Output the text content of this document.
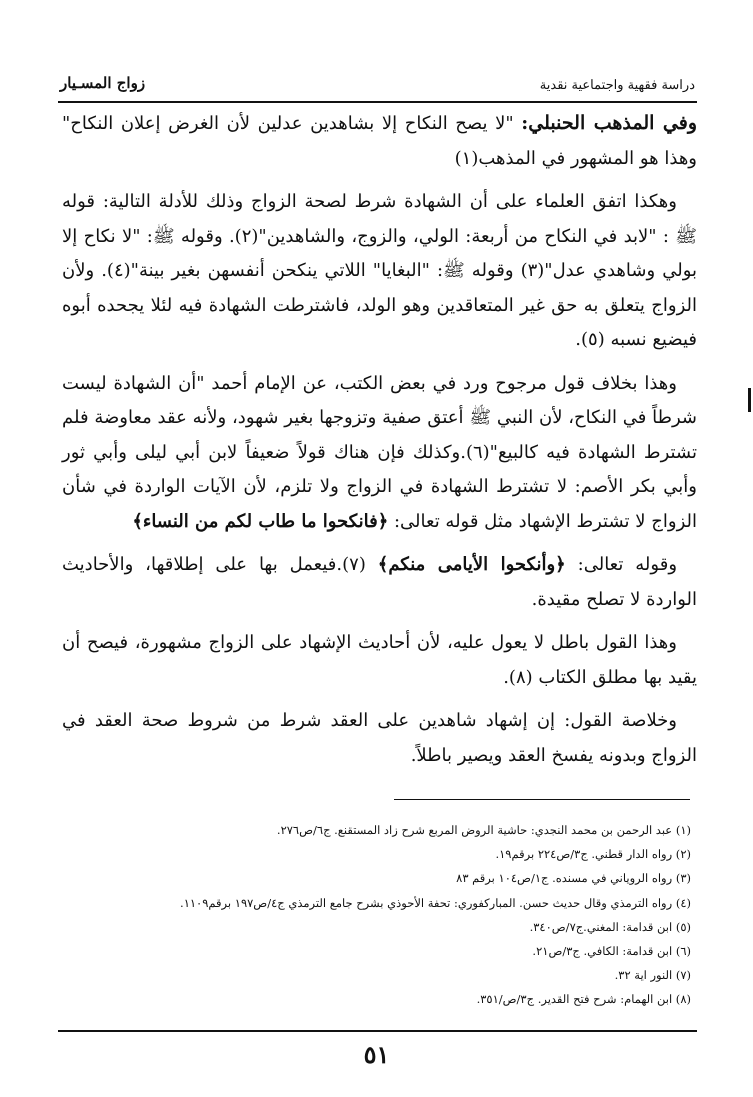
دراسة فقهية واجتماعية نقدية
زواج المسـيار

وفي المذهب الحنبلي: "لا يصح النكاح إلا بشاهدين عدلين لأن الغرض إعلان النكاح" وهذا هو المشهور في المذهب(١)

وهكذا اتفق العلماء على أن الشهادة شرط لصحة الزواج وذلك للأدلة التالية: قوله ﷺ : "لابد في النكاح من أربعة: الولي، والزوج، والشاهدين"(٢). وقوله ﷺ: "لا نكاح إلا بولي وشاهدي عدل"(٣) وقوله ﷺ: "البغايا" اللاتي ينكحن أنفسهن بغير بينة"(٤). ولأن الزواج يتعلق به حق غير المتعاقدين وهو الولد، فاشترطت الشهادة فيه لئلا يجحده أبوه فيضيع نسبه (٥).

وهذا بخلاف قول مرجوح ورد في بعض الكتب، عن الإمام أحمد "أن الشهادة ليست شرطاً في النكاح، لأن النبي ﷺ أعتق صفية وتزوجها بغير شهود، ولأنه عقد معاوضة فلم تشترط الشهادة فيه كالبيع"(٦).وكذلك فإن هناك قولاً ضعيفاً لابن أبي ليلى وأبي ثور وأبي بكر الأصم: لا تشترط الشهادة في الزواج ولا تلزم، لأن الآيات الواردة في شأن الزواج لا تشترط الإشهاد مثل قوله تعالى: ﴿فانكحوا ما طاب لكم من النساء﴾

وقوله تعالى: ﴿وأنكحوا الأيامى منكم﴾ (٧).فيعمل بها على إطلاقها، والأحاديث الواردة لا تصلح مقيدة.

وهذا القول باطل لا يعول عليه، لأن أحاديث الإشهاد على الزواج مشهورة، فيصح أن يقيد بها مطلق الكتاب (٨).

وخلاصة القول: إن إشهاد شاهدين على العقد شرط من شروط صحة العقد في الزواج وبدونه يفسخ العقد ويصير باطلاً.

(١) عبد الرحمن بن محمد النجدي: حاشية الروض المربع شرح زاد المستقنع. ج٦/ص٢٧٦.
(٢) رواه الدار قطني. ج٣/ص٢٢٤ برقم١٩.
(٣) رواه الروياني في مسنده. ج١/ص١٠٤ برقم ٨٣
(٤) رواه الترمذي وقال حديث حسن. المباركفوري: تحفة الأحوذي بشرح جامع الترمذي ج٤/ص١٩٧ برقم١١٠٩.
(٥) ابن قدامة: المغني.ج٧/ص٣٤٠.
(٦) ابن قدامة: الكافي. ج٣/ص٢١.
(٧) النور اية ٣٢.
(٨) ابن الهمام: شرح فتح القدير. ج٣/ص/٣٥١.
٥١
